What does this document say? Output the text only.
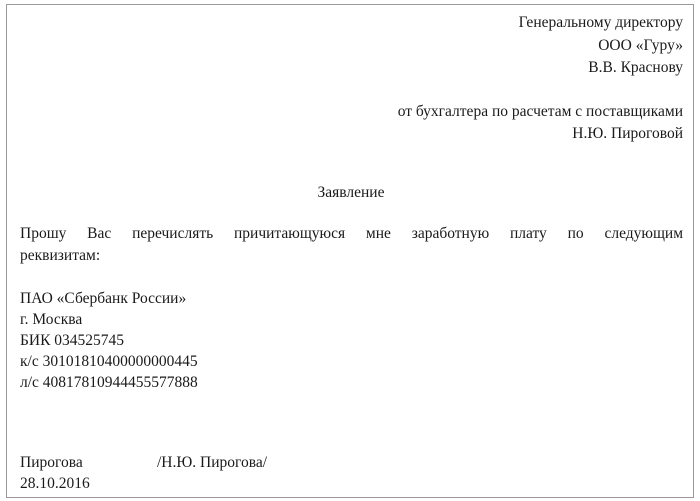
Генеральному директору
ООО «Гуру»
В.В. Краснову
от бухгалтера по расчетам с поставщиками
Н.Ю. Пироговой
Заявление
Прошу Вас перечислять причитающуюся мне заработную плату по следующим
реквизитам:
ПАО «Сбербанк России»
г. Москва
БИК 034525745
к/с 30101810400000000445
л/с 40817810944455577888
Пирогова	/Н.Ю. Пирогова/
28.10.2016
